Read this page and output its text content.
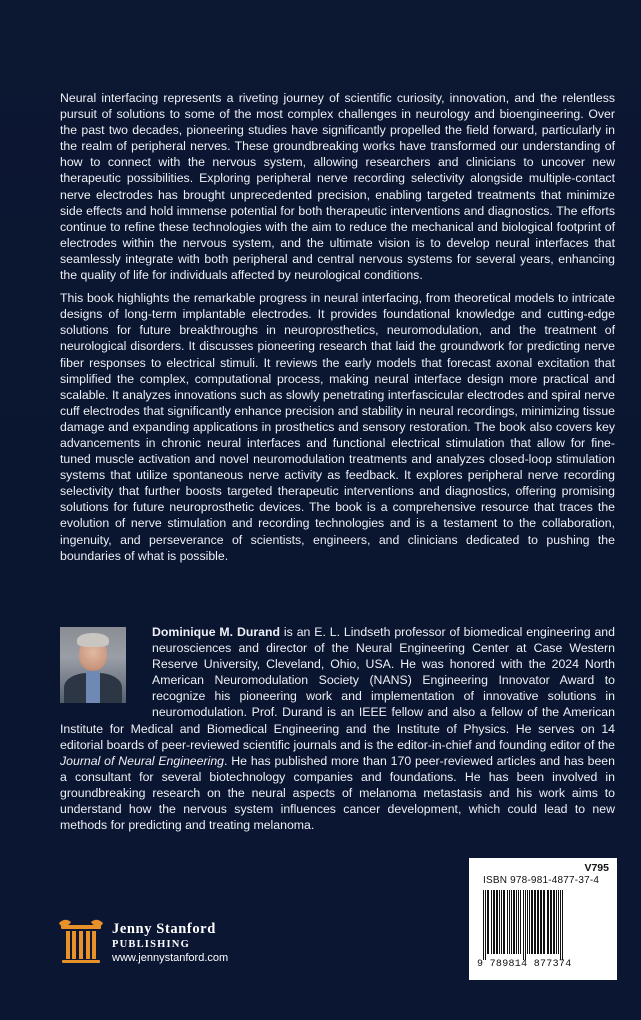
Neural interfacing represents a riveting journey of scientific curiosity, innovation, and the relentless pursuit of solutions to some of the most complex challenges in neurology and bioengineering. Over the past two decades, pioneering studies have significantly propelled the field forward, particularly in the realm of peripheral nerves. These groundbreaking works have transformed our understanding of how to connect with the nervous system, allowing researchers and clinicians to uncover new therapeutic possibilities. Exploring peripheral nerve recording selectivity alongside multiple-contact nerve electrodes has brought unprecedented precision, enabling targeted treatments that minimize side effects and hold immense potential for both therapeutic interventions and diagnostics. The efforts continue to refine these technologies with the aim to reduce the mechanical and biological footprint of electrodes within the nervous system, and the ultimate vision is to develop neural interfaces that seamlessly integrate with both peripheral and central nervous systems for several years, enhancing the quality of life for individuals affected by neurological conditions.

This book highlights the remarkable progress in neural interfacing, from theoretical models to intricate designs of long-term implantable electrodes. It provides foundational knowledge and cutting-edge solutions for future breakthroughs in neuroprosthetics, neuromodulation, and the treatment of neurological disorders. It discusses pioneering research that laid the groundwork for predicting nerve fiber responses to electrical stimuli. It reviews the early models that forecast axonal excitation that simplified the complex, computational process, making neural interface design more practical and scalable. It analyzes innovations such as slowly penetrating interfascicular electrodes and spiral nerve cuff electrodes that significantly enhance precision and stability in neural recordings, minimizing tissue damage and expanding applications in prosthetics and sensory restoration. The book also covers key advancements in chronic neural interfaces and functional electrical stimulation that allow for fine-tuned muscle activation and novel neuromodulation treatments and analyzes closed-loop stimulation systems that utilize spontaneous nerve activity as feedback. It explores peripheral nerve recording selectivity that further boosts targeted therapeutic interventions and diagnostics, offering promising solutions for future neuroprosthetic devices. The book is a comprehensive resource that traces the evolution of nerve stimulation and recording technologies and is a testament to the collaboration, ingenuity, and perseverance of scientists, engineers, and clinicians dedicated to pushing the boundaries of what is possible.

Dominique M. Durand is an E. L. Lindseth professor of biomedical engineering and neurosciences and director of the Neural Engineering Center at Case Western Reserve University, Cleveland, Ohio, USA. He was honored with the 2024 North American Neuromodulation Society (NANS) Engineering Innovator Award to recognize his pioneering work and implementation of innovative solutions in neuromodulation. Prof. Durand is an IEEE fellow and also a fellow of the American Institute for Medical and Biomedical Engineering and the Institute of Physics. He serves on 14 editorial boards of peer-reviewed scientific journals and is the editor-in-chief and founding editor of the Journal of Neural Engineering. He has published more than 170 peer-reviewed articles and has been a consultant for several biotechnology companies and foundations. He has been involved in groundbreaking research on the neural aspects of melanoma metastasis and his work aims to understand how the nervous system influences cancer development, which could lead to new methods for predicting and treating melanoma.
Jenny Stanford
PUBLISHING
www.jennystanford.com
V795
ISBN 978-981-4877-37-4
9 789814 877374
